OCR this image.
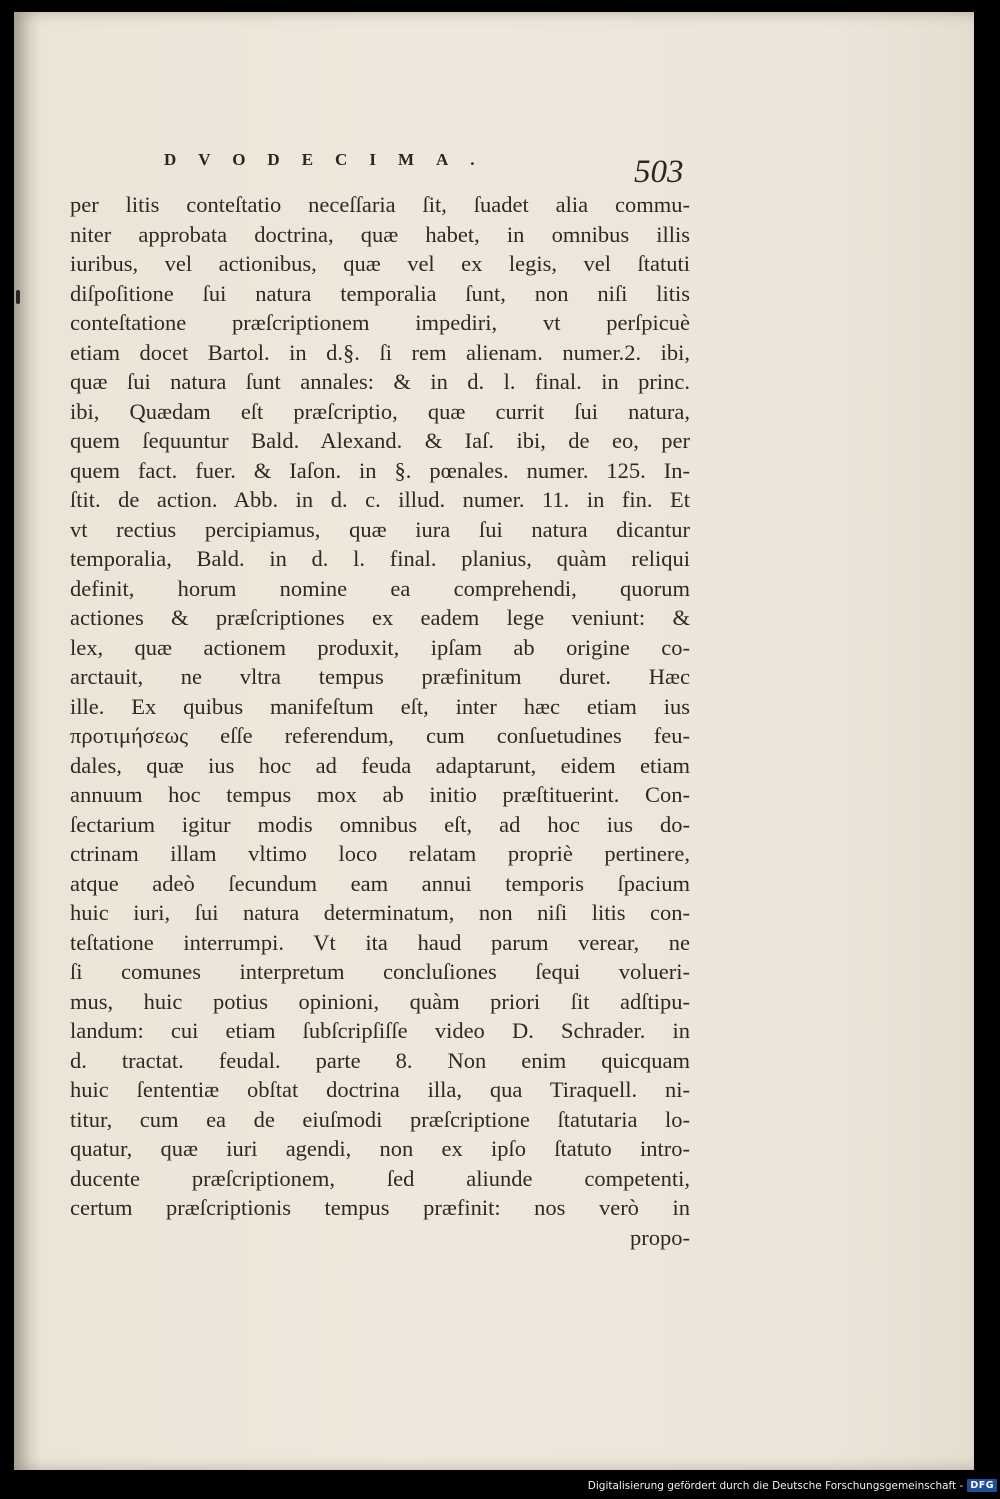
DVODECIMA.	503
per litis conteſtatio neceſſaria ſit, ſuadet alia commu-
niter approbata doctrina, quæ habet, in omnibus illis
iuribus, vel actionibus, quæ vel ex legis, vel ſtatuti
diſpoſitione ſui natura temporalia ſunt, non niſi litis
conteſtatione præſcriptionem impediri, vt perſpicuè
etiam docet Bartol. in d.§. ſi rem alienam. numer.2. ibi,
quæ ſui natura ſunt annales: & in d. l. final. in princ.
ibi, Quædam eſt præſcriptio, quæ currit ſui natura,
quem ſequuntur Bald. Alexand. & Iaſ. ibi, de eo, per
quem fact. fuer. & Iaſon. in §. pœnales. numer. 125. In-
ſtit. de action. Abb. in d. c. illud. numer. 11. in fin. Et
vt rectius percipiamus, quæ iura ſui natura dicantur
temporalia, Bald. in d. l. final. planius, quàm reliqui
definit, horum nomine ea comprehendi, quorum
actiones & præſcriptiones ex eadem lege veniunt: &
lex, quæ actionem produxit, ipſam ab origine co-
arctauit, ne vltra tempus præfinitum duret. Hæc
ille. Ex quibus manifeſtum eſt, inter hæc etiam ius
προτιμήσεως eſſe referendum, cum conſuetudines feu-
dales, quæ ius hoc ad feuda adaptarunt, eidem etiam
annuum hoc tempus mox ab initio præſtituerint. Con-
ſectarium igitur modis omnibus eſt, ad hoc ius do-
ctrinam illam vltimo loco relatam propriè pertinere,
atque adeò ſecundum eam annui temporis ſpacium
huic iuri, ſui natura determinatum, non niſi litis con-
teſtatione interrumpi. Vt ita haud parum verear, ne
ſi comunes interpretum concluſiones ſequi volueri-
mus, huic potius opinioni, quàm priori ſit adſtipu-
landum: cui etiam ſubſcripſiſſe video D. Schrader. in
d. tractat. feudal. parte 8. Non enim quicquam
huic ſententiæ obſtat doctrina illa, qua Tiraquell. ni-
titur, cum ea de eiuſmodi præſcriptione ſtatutaria lo-
quatur, quæ iuri agendi, non ex ipſo ſtatuto intro-
ducente præſcriptionem, ſed aliunde competenti,
certum præſcriptionis tempus præfinit: nos verò in
propo-
Digitalisierung gefördert durch die Deutsche Forschungsgemeinschaft - DFG
